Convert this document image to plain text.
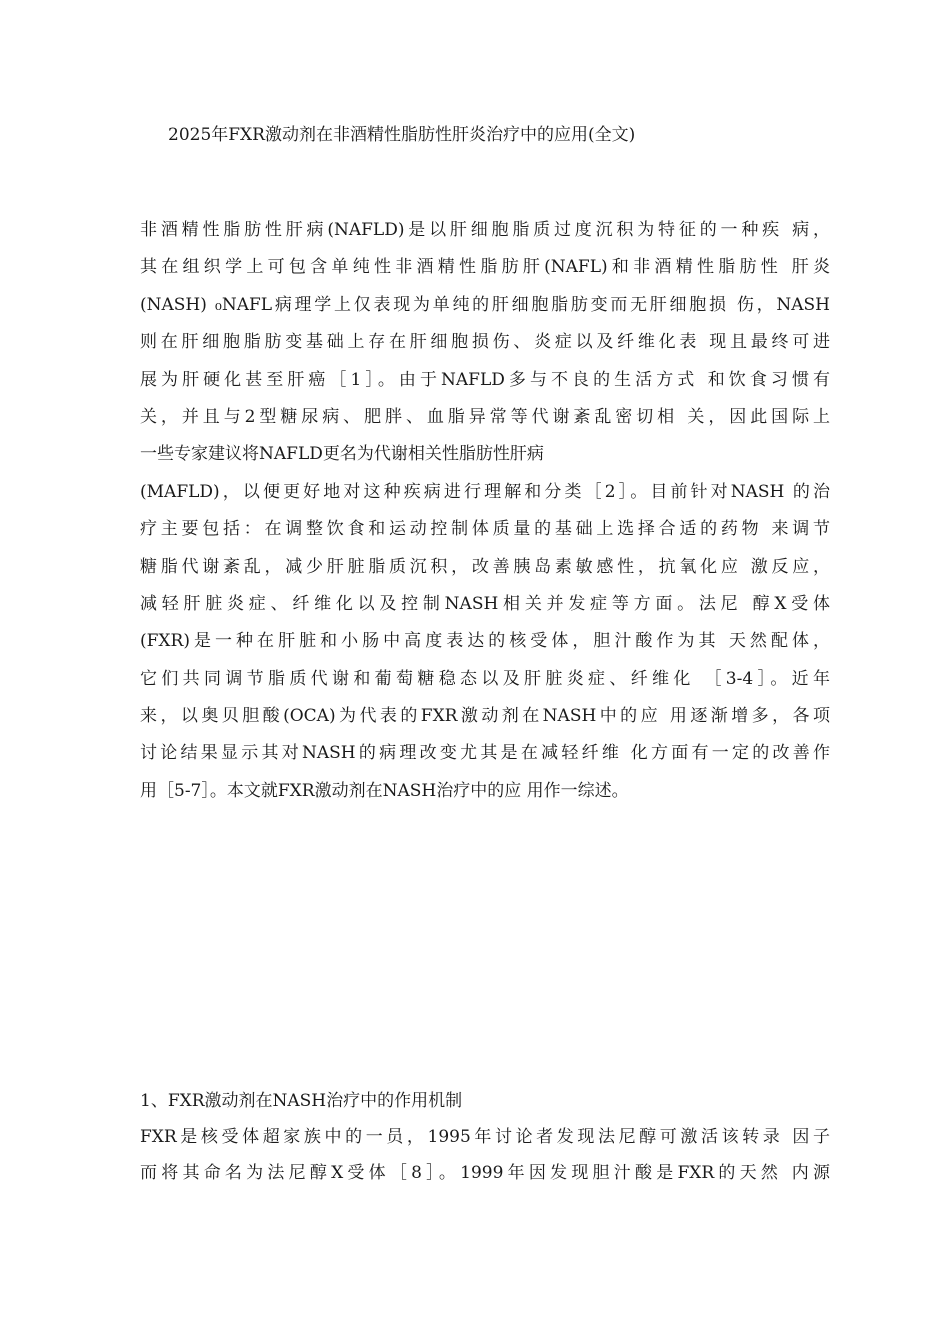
2025年FXR激动剂在非酒精性脂肪性肝炎治疗中的应用(全文)
非酒精性脂肪性肝病(NAFLD)是以肝细胞脂质过度沉积为特征的一种疾 病，
其在组织学上可包含单纯性非酒精性脂肪肝(NAFL)和非酒精性脂肪性 肝炎
(NASH) ₀NAFL病理学上仅表现为单纯的肝细胞脂肪变而无肝细胞损 伤，NASH
则在肝细胞脂肪变基础上存在肝细胞损伤、炎症以及纤维化表 现且最终可进
展为肝硬化甚至肝癌［1］。由于NAFLD多与不良的生活方式 和饮食习惯有
关，并且与2型糖尿病、肥胖、血脂异常等代谢紊乱密切相 关，因此国际上
一些专家建议将NAFLD更名为代谢相关性脂肪性肝病
(MAFLD)，以便更好地对这种疾病进行理解和分类［2］。目前针对NASH 的治
疗主要包括：在调整饮食和运动控制体质量的基础上选择合适的药物 来调节
糖脂代谢紊乱，减少肝脏脂质沉积，改善胰岛素敏感性，抗氧化应 激反应，
减轻肝脏炎症、纤维化以及控制NASH相关并发症等方面。法尼 醇X受体
(FXR)是一种在肝脏和小肠中高度表达的核受体，胆汁酸作为其 天然配体，
它们共同调节脂质代谢和葡萄糖稳态以及肝脏炎症、纤维化 ［3-4］。近年
来，以奥贝胆酸(OCA)为代表的FXR激动剂在NASH中的应 用逐渐增多，各项
讨论结果显示其对NASH的病理改变尤其是在减轻纤维 化方面有一定的改善作
用［5-7］。本文就FXR激动剂在NASH治疗中的应 用作一综述。
1、FXR激动剂在NASH治疗中的作用机制
FXR是核受体超家族中的一员，1995年讨论者发现法尼醇可激活该转录 因子
而将其命名为法尼醇X受体［8］。1999年因发现胆汁酸是FXR的天然 内源
